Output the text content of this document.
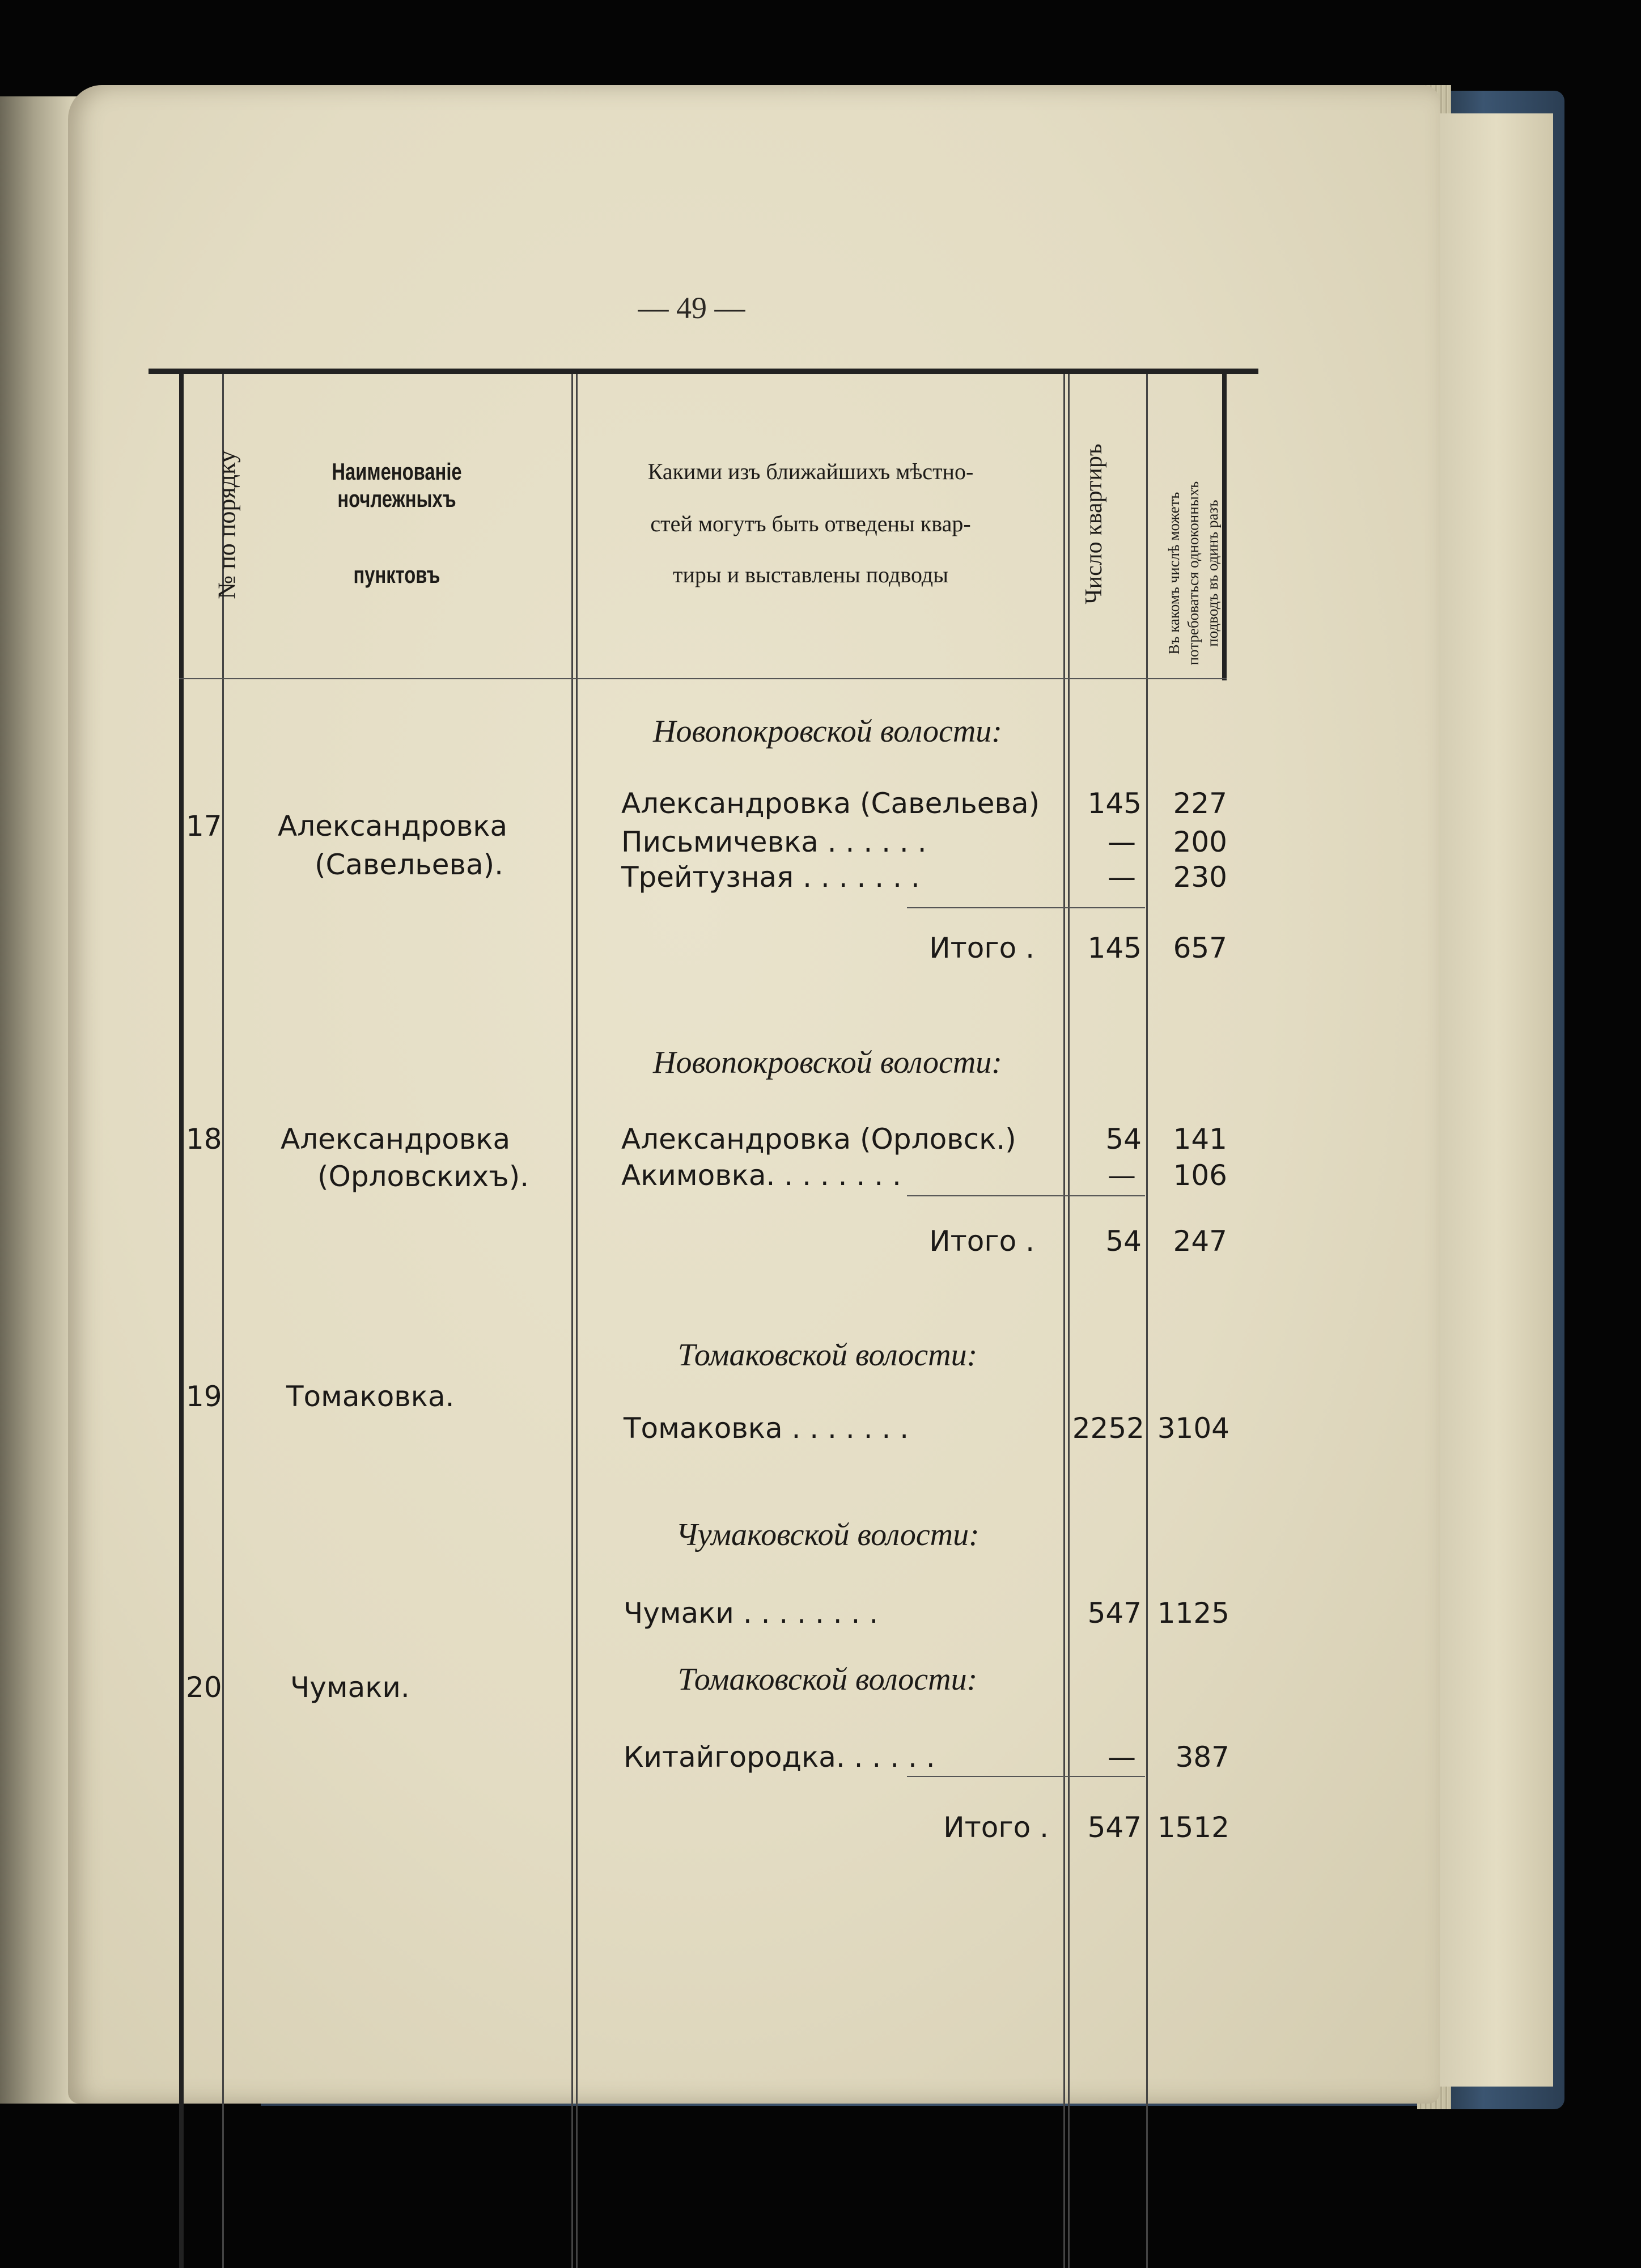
— 49 —
№ по порядку	Наименованіе ночлежныхъ
пунктовъ
Какими изъ ближайшихъ мѣстно-
стей могутъ быть отведены квар-
тиры и выставлены подводы	Число квартиръ	Въ какомъ числѣ можетъ потребоваться одноконныхъ подводъ въ одинъ разъ
17 Александровка
(Савельева).
Новопокровской волости:
Александровка (Савельева)	145	227
Письмичевка . . . . . .	—	200
Трейтузная . . . . . . .	—	230
Итого .	145	657
Новопокровской волости:
18 Александровка
(Орловскихъ).
Александровка (Орловск.)	54	141
Акимовка. . . . . . . .	—	106
Итого .	54	247
Томаковской волости:
19 Томаковка.
Томаковка . . . . . . .	2252 3104
Чумаковской волости:
Чумаки . . . . . . . .	547 1125
Томаковской волости:
20 Чумаки.
Китайгородка. . . . . .	—	387
Итого .	547 1512
